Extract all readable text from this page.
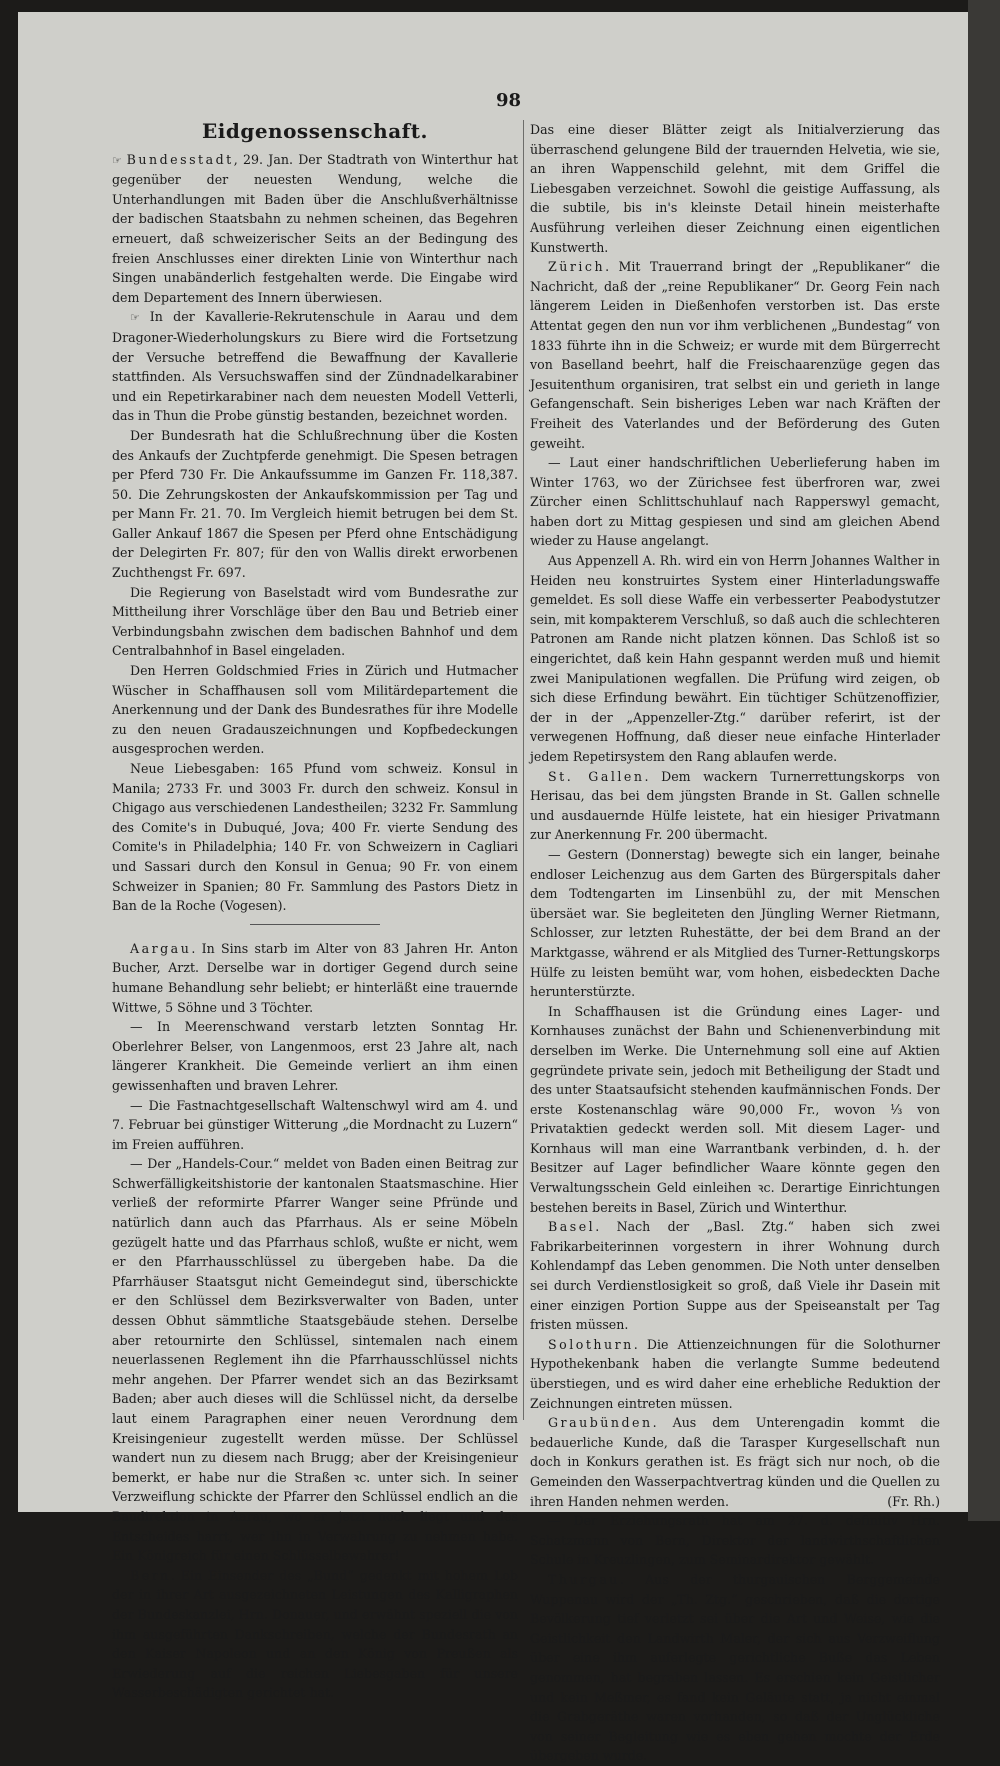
98
Eidgenossenschaft.

☞ Bundesstadt, 29. Jan. Der Stadtrath von Winterthur hat gegenüber der neuesten Wendung, welche die Unterhandlungen mit Baden über die Anschlußverhältnisse der badischen Staatsbahn zu nehmen scheinen, das Begehren erneuert, daß schweizerischer Seits an der Bedingung des freien Anschlusses einer direkten Linie von Winterthur nach Singen unabänderlich festgehalten werde. Die Eingabe wird dem Departement des Innern überwiesen.

☞ In der Kavallerie-Rekrutenschule in Aarau und dem Dragoner-Wiederholungskurs zu Biere wird die Fortsetzung der Versuche betreffend die Bewaffnung der Kavallerie stattfinden. Als Versuchswaffen sind der Zündnadelkarabiner und ein Repetirkarabiner nach dem neuesten Modell Vetterli, das in Thun die Probe günstig bestanden, bezeichnet worden.

Der Bundesrath hat die Schlußrechnung über die Kosten des Ankaufs der Zuchtpferde genehmigt. Die Spesen betragen per Pferd 730 Fr. Die Ankaufssumme im Ganzen Fr. 118,387. 50. Die Zehrungskosten der Ankaufskommission per Tag und per Mann Fr. 21. 70. Im Vergleich hiemit betrugen bei dem St. Galler Ankauf 1867 die Spesen per Pferd ohne Entschädigung der Delegirten Fr. 807; für den von Wallis direkt erworbenen Zuchthengst Fr. 697.

Die Regierung von Baselstadt wird vom Bundesrathe zur Mittheilung ihrer Vorschläge über den Bau und Betrieb einer Verbindungsbahn zwischen dem badischen Bahnhof und dem Centralbahnhof in Basel eingeladen.

Den Herren Goldschmied Fries in Zürich und Hutmacher Wüscher in Schaffhausen soll vom Militärdepartement die Anerkennung und der Dank des Bundesrathes für ihre Modelle zu den neuen Gradauszeichnungen und Kopfbedeckungen ausgesprochen werden.

Neue Liebesgaben: 165 Pfund vom schweiz. Konsul in Manila; 2733 Fr. und 3003 Fr. durch den schweiz. Konsul in Chigago aus verschiedenen Landestheilen; 3232 Fr. Sammlung des Comite's in Dubuqué, Jova; 400 Fr. vierte Sendung des Comite's in Philadelphia; 140 Fr. von Schweizern in Cagliari und Sassari durch den Konsul in Genua; 90 Fr. von einem Schweizer in Spanien; 80 Fr. Sammlung des Pastors Dietz in Ban de la Roche (Vogesen).

Aargau. In Sins starb im Alter von 83 Jahren Hr. Anton Bucher, Arzt. Derselbe war in dortiger Gegend durch seine humane Behandlung sehr beliebt; er hinterläßt eine trauernde Wittwe, 5 Söhne und 3 Töchter.

— In Meerenschwand verstarb letzten Sonntag Hr. Oberlehrer Belser, von Langenmoos, erst 23 Jahre alt, nach längerer Krankheit. Die Gemeinde verliert an ihm einen gewissenhaften und braven Lehrer.

— Die Fastnachtgesellschaft Waltenschwyl wird am 4. und 7. Februar bei günstiger Witterung „die Mordnacht zu Luzern“ im Freien aufführen.

— Der „Handels-Cour.“ meldet von Baden einen Beitrag zur Schwerfälligkeitshistorie der kantonalen Staatsmaschine. Hier verließ der reformirte Pfarrer Wanger seine Pfründe und natürlich dann auch das Pfarrhaus. Als er seine Möbeln gezügelt hatte und das Pfarrhaus schloß, wußte er nicht, wem er den Pfarrhausschlüssel zu übergeben habe. Da die Pfarrhäuser Staatsgut nicht Gemeindegut sind, überschickte er den Schlüssel dem Bezirksverwalter von Baden, unter dessen Obhut sämmtliche Staatsgebäude stehen. Derselbe aber retournirte den Schlüssel, sintemalen nach einem neuerlassenen Reglement ihn die Pfarrhausschlüssel nichts mehr angehen. Der Pfarrer wendet sich an das Bezirksamt Baden; aber auch dieses will die Schlüssel nicht, da derselbe laut einem Paragraphen einer neuen Verordnung dem Kreisingenieur zugestellt werden müsse. Der Schlüssel wandert nun zu diesem nach Brugg; aber der Kreisingenieur bemerkt, er habe nur die Straßen ꝛc. unter sich. In seiner Verzweiflung schickte der Pfarrer den Schlüssel endlich an die Baudirektion in Aarau, wo er jetzt noch liegt und des Entscheides harrt, wer ihn in Verwahrung zu nehmen habe. Ein Königreich für einen Schlüsselbewahrer!

Bern. Ein Einsender des „Bund“ gedenkt mit hohem Lob der in ihrer Art ausgezeichneten Leistungen des Kalligraphen der Bundeskanzlei, Hrn. Donauer, und erwähnt speziell die von ihm ausgeführten Dankschreiben, welche der Bundesrath an den Kaiser Napoleon und an den König von Preußen als Erwiederung auf die reichen Liebesgaben für unsere Wasserbeschädigten gerichtet hat.

Das eine dieser Blätter zeigt als Initialverzierung das überraschend gelungene Bild der trauernden Helvetia, wie sie, an ihren Wappenschild gelehnt, mit dem Griffel die Liebesgaben verzeichnet. Sowohl die geistige Auffassung, als die subtile, bis in's kleinste Detail hinein meisterhafte Ausführung verleihen dieser Zeichnung einen eigentlichen Kunstwerth.

Zürich. Mit Trauerrand bringt der „Republikaner“ die Nachricht, daß der „reine Republikaner“ Dr. Georg Fein nach längerem Leiden in Dießenhofen verstorben ist. Das erste Attentat gegen den nun vor ihm verblichenen „Bundestag“ von 1833 führte ihn in die Schweiz; er wurde mit dem Bürgerrecht von Baselland beehrt, half die Freischaarenzüge gegen das Jesuitenthum organisiren, trat selbst ein und gerieth in lange Gefangenschaft. Sein bisheriges Leben war nach Kräften der Freiheit des Vaterlandes und der Beförderung des Guten geweiht.

— Laut einer handschriftlichen Ueberlieferung haben im Winter 1763, wo der Zürichsee fest überfroren war, zwei Zürcher einen Schlittschuhlauf nach Rapperswyl gemacht, haben dort zu Mittag gespiesen und sind am gleichen Abend wieder zu Hause angelangt.

Aus Appenzell A. Rh. wird ein von Herrn Johannes Walther in Heiden neu konstruirtes System einer Hinterladungswaffe gemeldet. Es soll diese Waffe ein verbesserter Peabodystutzer sein, mit kompakterem Verschluß, so daß auch die schlechteren Patronen am Rande nicht platzen können. Das Schloß ist so eingerichtet, daß kein Hahn gespannt werden muß und hiemit zwei Manipulationen wegfallen. Die Prüfung wird zeigen, ob sich diese Erfindung bewährt. Ein tüchtiger Schützenoffizier, der in der „Appenzeller-Ztg.“ darüber referirt, ist der verwegenen Hoffnung, daß dieser neue einfache Hinterlader jedem Repetirsystem den Rang ablaufen werde.

St. Gallen. Dem wackern Turnerrettungskorps von Herisau, das bei dem jüngsten Brande in St. Gallen schnelle und ausdauernde Hülfe leistete, hat ein hiesiger Privatmann zur Anerkennung Fr. 200 übermacht.

— Gestern (Donnerstag) bewegte sich ein langer, beinahe endloser Leichenzug aus dem Garten des Bürgerspitals daher dem Todtengarten im Linsenbühl zu, der mit Menschen übersäet war. Sie begleiteten den Jüngling Werner Rietmann, Schlosser, zur letzten Ruhestätte, der bei dem Brand an der Marktgasse, während er als Mitglied des Turner-Rettungskorps Hülfe zu leisten bemüht war, vom hohen, eisbedeckten Dache herunterstürzte.

In Schaffhausen ist die Gründung eines Lager- und Kornhauses zunächst der Bahn und Schienenverbindung mit derselben im Werke. Die Unternehmung soll eine auf Aktien gegründete private sein, jedoch mit Betheiligung der Stadt und des unter Staatsaufsicht stehenden kaufmännischen Fonds. Der erste Kostenanschlag wäre 90,000 Fr., wovon ⅓ von Privataktien gedeckt werden soll. Mit diesem Lager- und Kornhaus will man eine Warrantbank verbinden, d. h. der Besitzer auf Lager befindlicher Waare könnte gegen den Verwaltungsschein Geld einleihen ꝛc. Derartige Einrichtungen bestehen bereits in Basel, Zürich und Winterthur.

Basel. Nach der „Basl. Ztg.“ haben sich zwei Fabrikarbeiterinnen vorgestern in ihrer Wohnung durch Kohlendampf das Leben genommen. Die Noth unter denselben sei durch Verdienstlosigkeit so groß, daß Viele ihr Dasein mit einer einzigen Portion Suppe aus der Speiseanstalt per Tag fristen müssen.

Solothurn. Die Attienzeichnungen für die Solothurner Hypothekenbank haben die verlangte Summe bedeutend überstiegen, und es wird daher eine erhebliche Reduktion der Zeichnungen eintreten müssen.

Graubünden. Aus dem Unterengadin kommt die bedauerliche Kunde, daß die Tarasper Kurgesellschaft nun doch in Konkurs gerathen ist. Es frägt sich nur noch, ob die Gemeinden den Wasserpachtvertrag künden und die Quellen zu ihren Handen nehmen werden.	(Fr. Rh.)

— Der Erziehungsrath hat am 27. d. definitiv Hrn. Schatzmann von Bern, Direktor der landwirthschaftlichen Schule in Kreuzlingen, zum Seminardirektor gewählt.

Thurgau. Aus der thurgauischen Berggemeinde Wuppenau wird der „Th. Ztg.“ geschrieben, daß die dortige Bevölkerung tief verletzt sei über die Art und Weise, wie die Geistlichkeit den Landwirth Maler, der sich aus Verzweiflung über eine ihm auferlegte gerichtliche Buße das Leben genommen, hat begraben lassen. Es erschien kein Geistlicher und kein Meßmer, es fand kein Geläute statt, ja nicht einmal die Grabgeräthe waren vorhanden, so daß der Unglückliche von seiner Begleitung wie es eben gehen mochte der Erde übergeben wurde.
